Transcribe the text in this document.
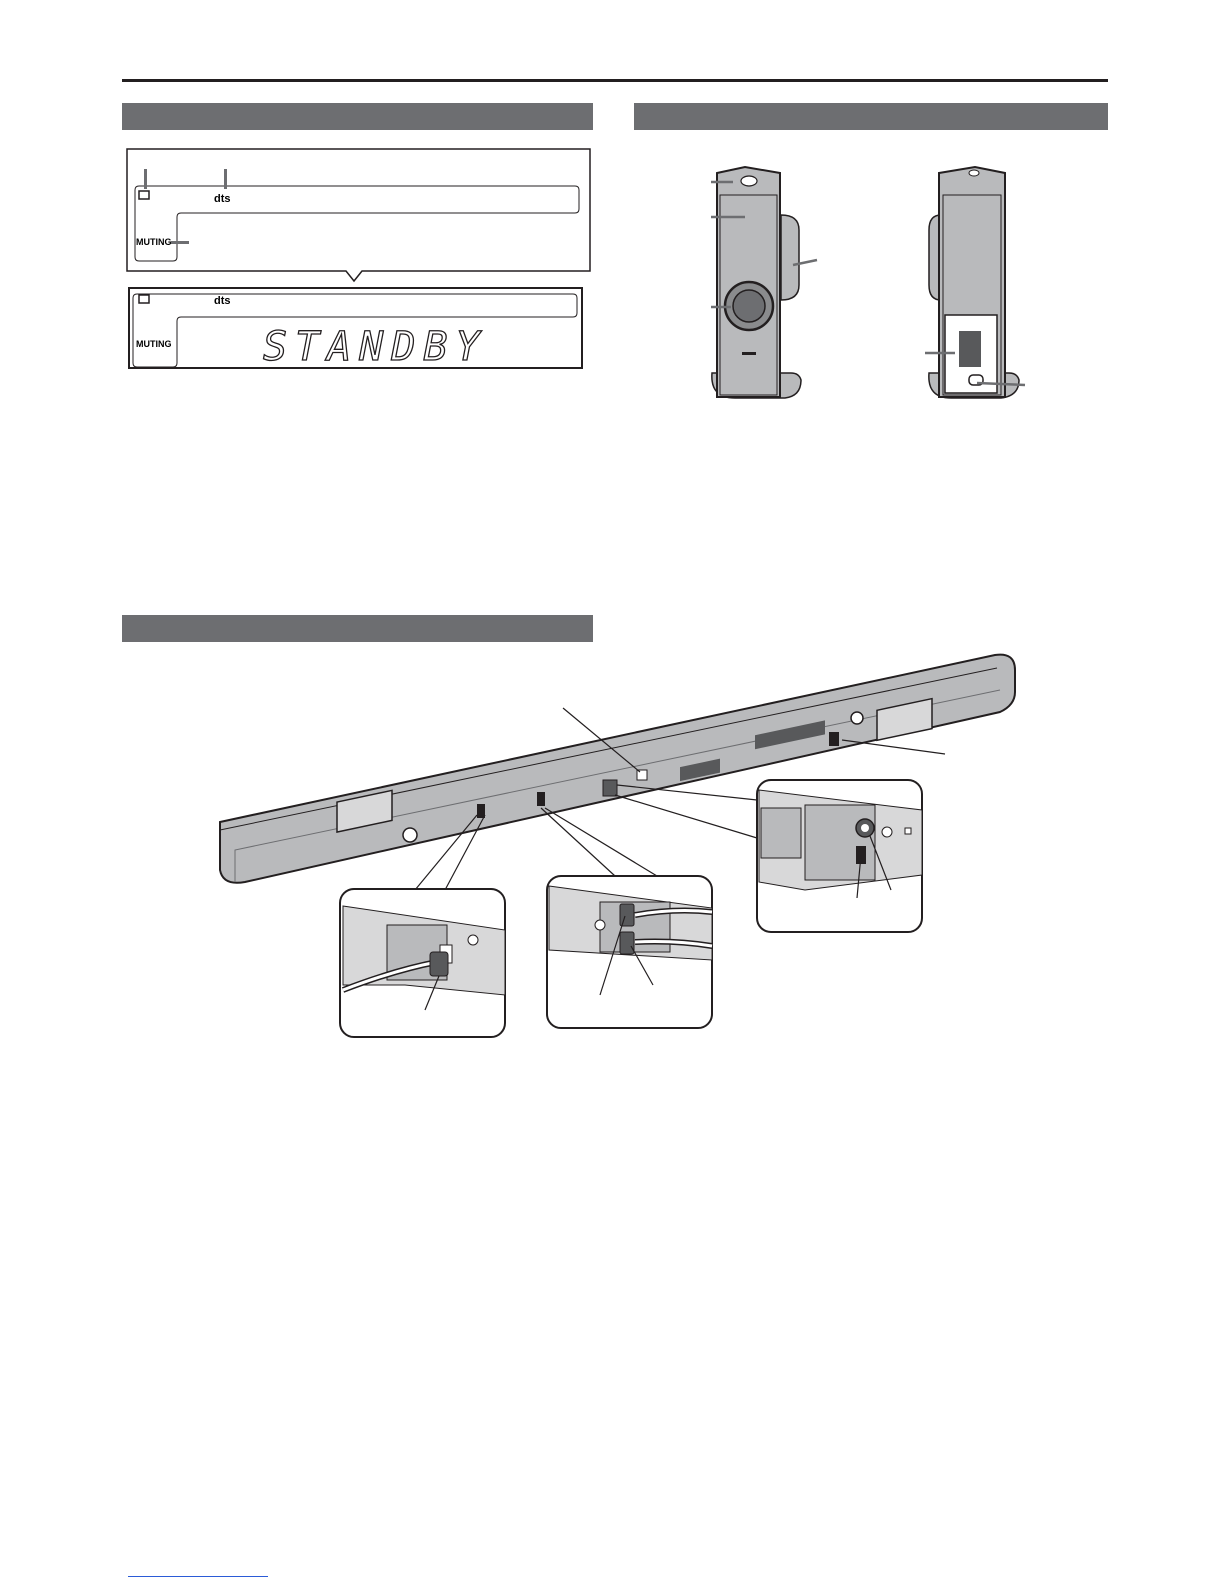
dts
MUTING
dts
MUTING STANDBY
